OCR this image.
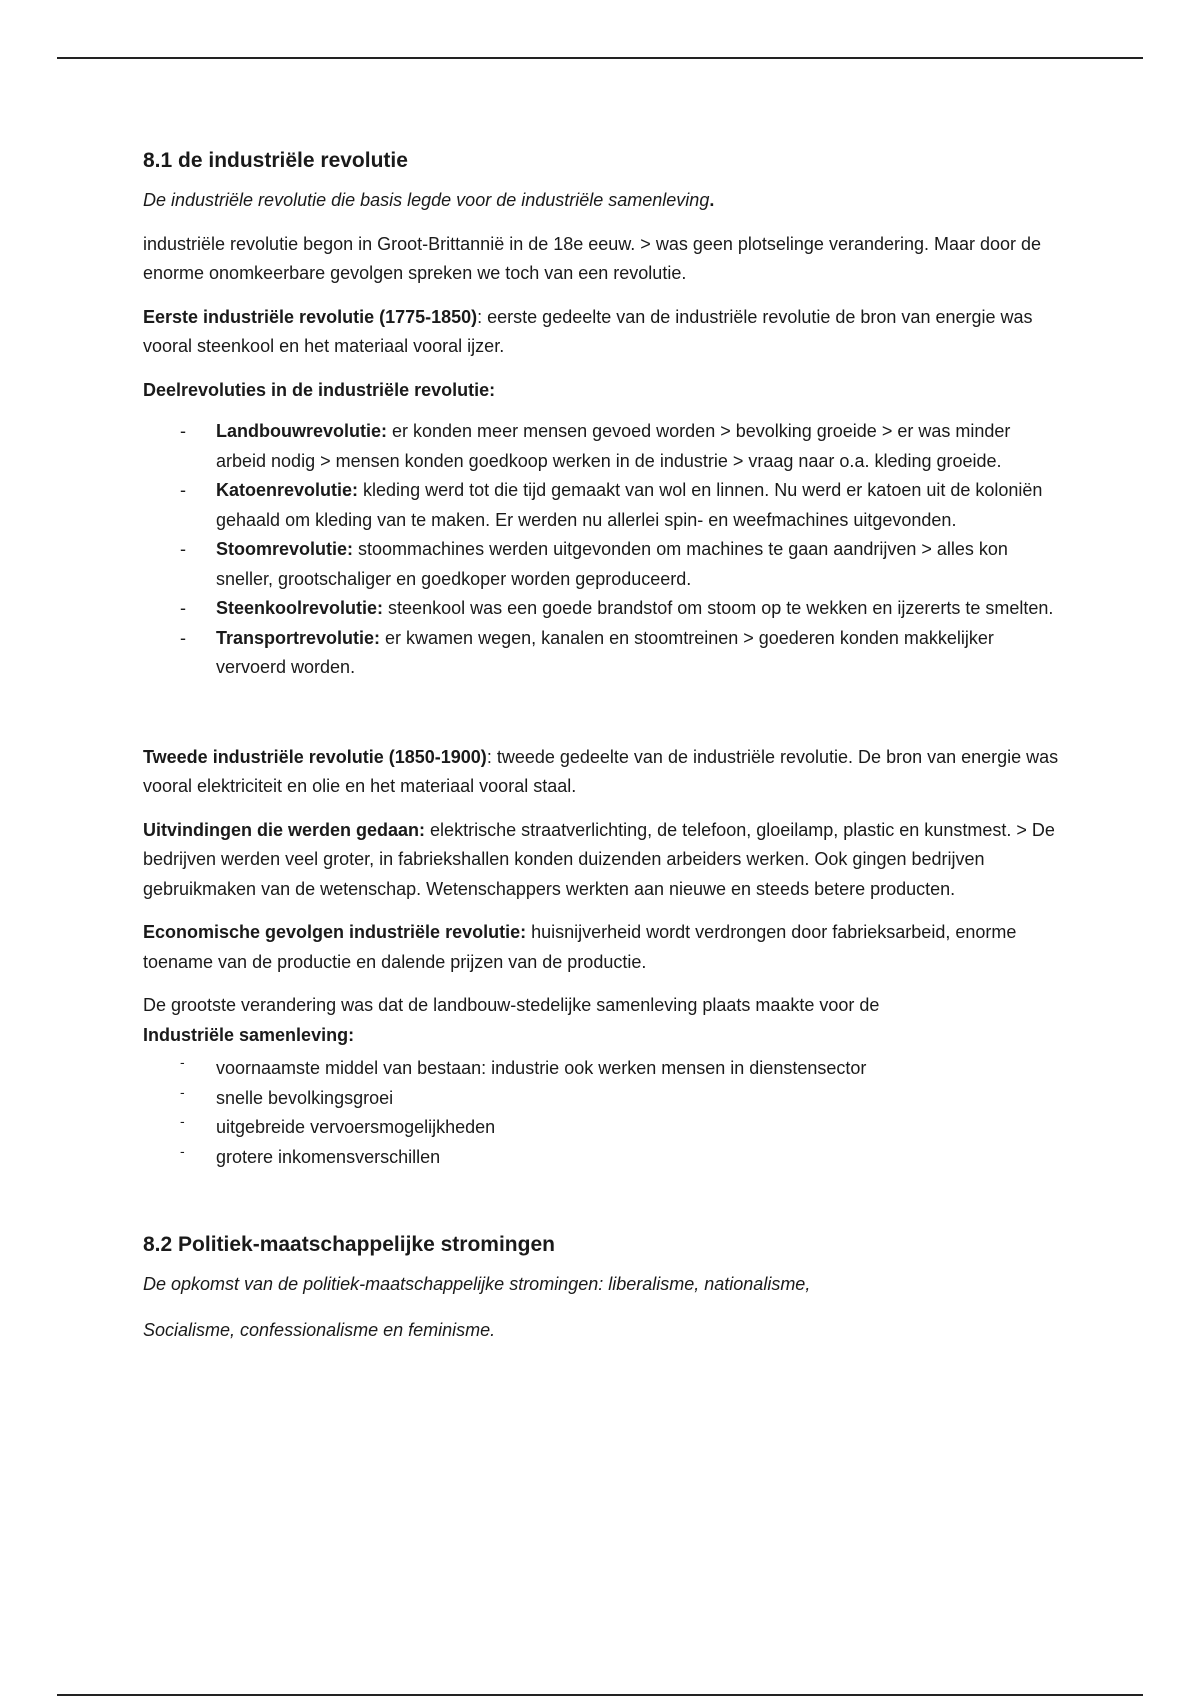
8.1 de industriële revolutie

De industriële revolutie die basis legde voor de industriële samenleving.

industriële revolutie begon in Groot-Brittannië in de 18e eeuw. > was geen plotselinge verandering. Maar door de enorme onomkeerbare gevolgen spreken we toch van een revolutie.

Eerste industriële revolutie (1775-1850): eerste gedeelte van de industriële revolutie de bron van energie was vooral steenkool en het materiaal vooral ijzer.

Deelrevoluties in de industriële revolutie:

- Landbouwrevolutie: er konden meer mensen gevoed worden > bevolking groeide > er was minder arbeid nodig > mensen konden goedkoop werken in de industrie > vraag naar o.a. kleding groeide.
- Katoenrevolutie: kleding werd tot die tijd gemaakt van wol en linnen. Nu werd er katoen uit de koloniën gehaald om kleding van te maken. Er werden nu allerlei spin- en weefmachines uitgevonden.
- Stoomrevolutie: stoommachines werden uitgevonden om machines te gaan aandrijven > alles kon sneller, grootschaliger en goedkoper worden geproduceerd.
- Steenkoolrevolutie: steenkool was een goede brandstof om stoom op te wekken en ijzererts te smelten.
- Transportrevolutie: er kwamen wegen, kanalen en stoomtreinen > goederen konden makkelijker vervoerd worden.

Tweede industriële revolutie (1850-1900): tweede gedeelte van de industriële revolutie. De bron van energie was vooral elektriciteit en olie en het materiaal vooral staal.

Uitvindingen die werden gedaan: elektrische straatverlichting, de telefoon, gloeilamp, plastic en kunstmest. > De bedrijven werden veel groter, in fabriekshallen konden duizenden arbeiders werken. Ook gingen bedrijven gebruikmaken van de wetenschap. Wetenschappers werkten aan nieuwe en steeds betere producten.

Economische gevolgen industriële revolutie: huisnijverheid wordt verdrongen door fabrieksarbeid, enorme toename van de productie en dalende prijzen van de productie.

De grootste verandering was dat de landbouw-stedelijke samenleving plaats maakte voor de
Industriële samenleving:

- voornaamste middel van bestaan: industrie ook werken mensen in dienstensector
- snelle bevolkingsgroei
- uitgebreide vervoersmogelijkheden
- grotere inkomensverschillen
8.2 Politiek-maatschappelijke stromingen

De opkomst van de politiek-maatschappelijke stromingen: liberalisme, nationalisme,

Socialisme, confessionalisme en feminisme.
